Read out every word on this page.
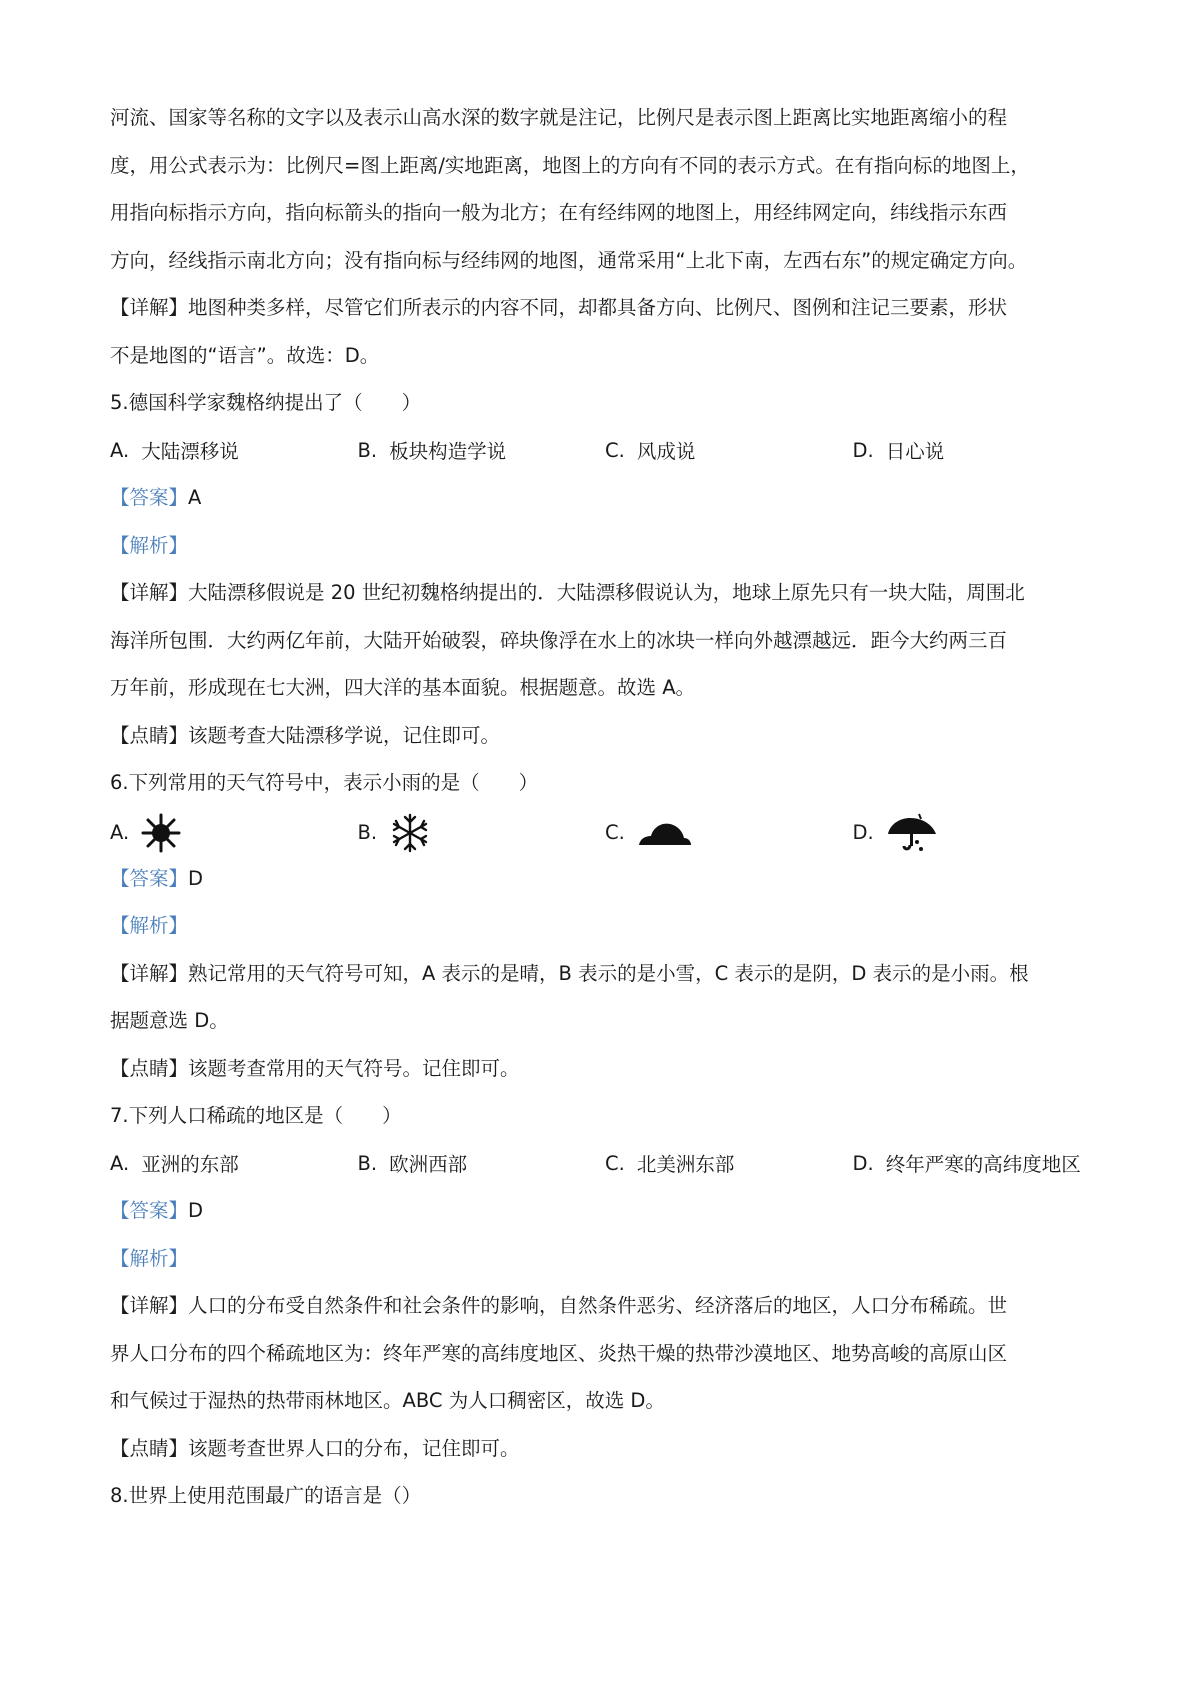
河流、国家等名称的文字以及表示山高水深的数字就是注记，比例尺是表示图上距离比实地距离缩小的程

度，用公式表示为：比例尺=图上距离/实地距离，地图上的方向有不同的表示方式。在有指向标的地图上，

用指向标指示方向，指向标箭头的指向一般为北方；在有经纬网的地图上，用经纬网定向，纬线指示东西

方向，经线指示南北方向；没有指向标与经纬网的地图，通常采用“上北下南，左西右东”的规定确定方向。

【详解】地图种类多样，尽管它们所表示的内容不同，却都具备方向、比例尺、图例和注记三要素，形状

不是地图的“语言”。故选：D。

5.德国科学家魏格纳提出了（　　）

A. 大陆漂移说	B. 板块构造学说	C. 风成说	D. 日心说

【答案】A

【解析】

【详解】大陆漂移假说是 20 世纪初魏格纳提出的．大陆漂移假说认为，地球上原先只有一块大陆，周围北

海洋所包围．大约两亿年前，大陆开始破裂，碎块像浮在水上的冰块一样向外越漂越远．距今大约两三百

万年前，形成现在七大洲，四大洋的基本面貌。根据题意。故选 A。

【点睛】该题考查大陆漂移学说，记住即可。

6.下列常用的天气符号中，表示小雨的是（　　）

A.	B.	C.	D.

【答案】D

【解析】

【详解】熟记常用的天气符号可知，A 表示的是晴，B 表示的是小雪，C 表示的是阴，D 表示的是小雨。根

据题意选 D。

【点睛】该题考查常用的天气符号。记住即可。

7.下列人口稀疏的地区是（　　）

A. 亚洲的东部	B. 欧洲西部	C. 北美洲东部	D. 终年严寒的高纬度地区

【答案】D

【解析】

【详解】人口的分布受自然条件和社会条件的影响，自然条件恶劣、经济落后的地区，人口分布稀疏。世

界人口分布的四个稀疏地区为：终年严寒的高纬度地区、炎热干燥的热带沙漠地区、地势高峻的高原山区

和气候过于湿热的热带雨林地区。ABC 为人口稠密区，故选 D。

【点睛】该题考查世界人口的分布，记住即可。

8.世界上使用范围最广的语言是（）
